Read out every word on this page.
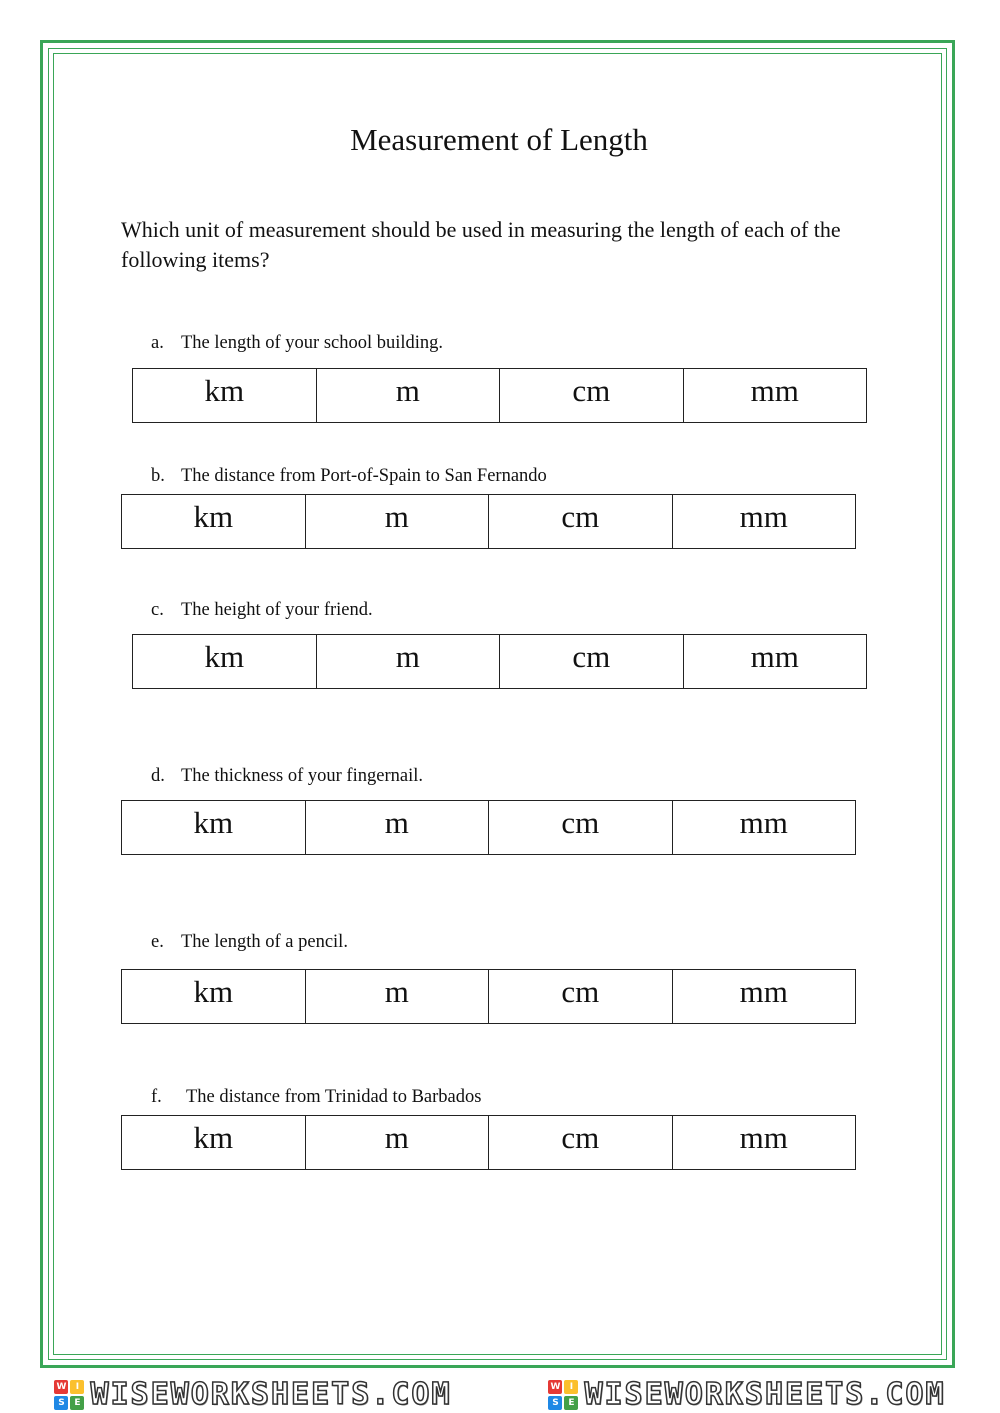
Measurement of Length
Which unit of measurement should be used in measuring the length of each of the following items?
a. The length of your school building.
km	m	cm	mm
b. The distance from Port-of-Spain to San Fernando
km	m	cm	mm
c. The height of your friend.
km	m	cm	mm
d. The thickness of your fingernail.
km	m	cm	mm
e. The length of a pencil.
km	m	cm	mm
f. The distance from Trinidad to Barbados
km	m	cm	mm
W	I
S	E WISEWORKSHEETS.COM	W	I
S	E WISEWORKSHEETS.COM
